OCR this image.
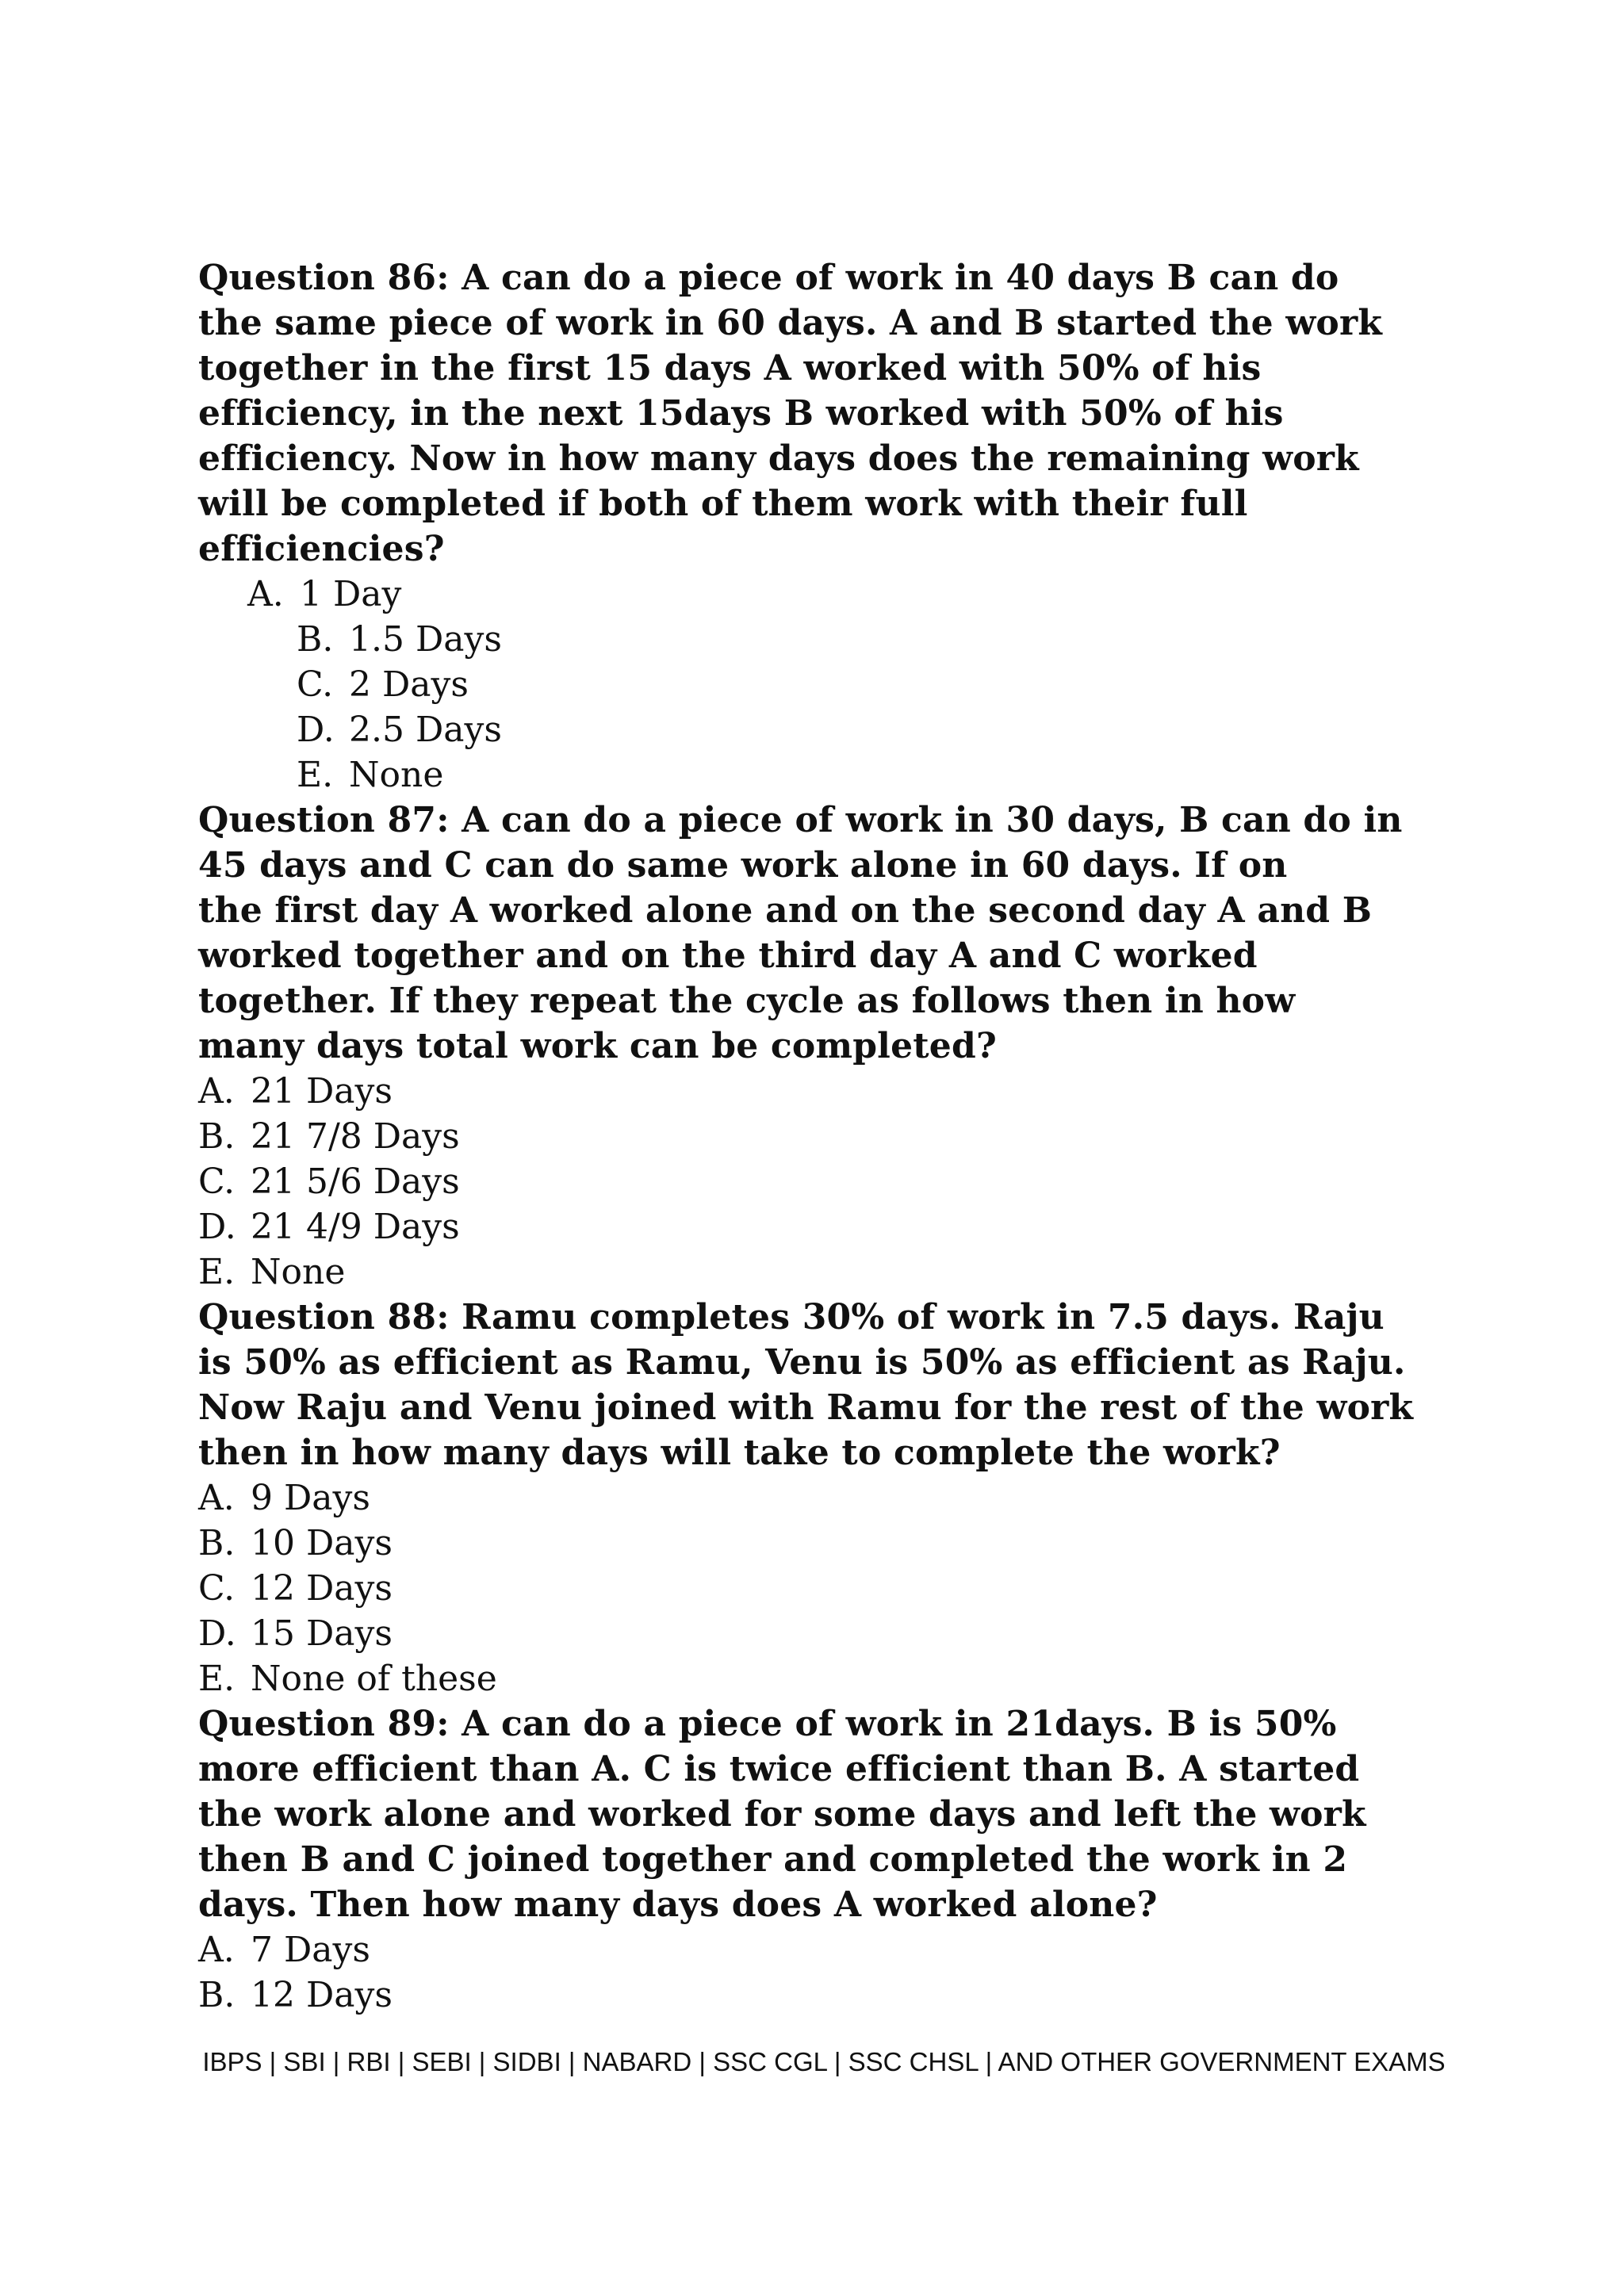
Question 86: A can do a piece of work in 40 days B can do
the same piece of work in 60 days. A and B started the work
together in the first 15 days A worked with 50% of his
efficiency, in the next 15days B worked with 50% of his
efficiency. Now in how many days does the remaining work
will be completed if both of them work with their full
efficiencies?

A. 1 Day
B. 1.5 Days
C. 2 Days
D. 2.5 Days
E. None

Question 87: A can do a piece of work in 30 days, B can do in
45 days and C can do same work alone in 60 days. If on
the first day A worked alone and on the second day A and B
worked together and on the third day A and C worked
together. If they repeat the cycle as follows then in how
many days total work can be completed?

A. 21 Days
B. 21 7/8 Days
C. 21 5/6 Days
D. 21 4/9 Days
E. None

Question 88: Ramu completes 30% of work in 7.5 days. Raju
is 50% as efficient as Ramu, Venu is 50% as efficient as Raju.
Now Raju and Venu joined with Ramu for the rest of the work
then in how many days will take to complete the work?

A. 9 Days
B. 10 Days
C. 12 Days
D. 15 Days
E. None of these

Question 89: A can do a piece of work in 21days. B is 50%
more efficient than A. C is twice efficient than B. A started
the work alone and worked for some days and left the work
then B and C joined together and completed the work in 2
days. Then how many days does A worked alone?

A. 7 Days
B. 12 Days
IBPS | SBI | RBI | SEBI | SIDBI | NABARD | SSC CGL | SSC CHSL | AND OTHER GOVERNMENT EXAMS
